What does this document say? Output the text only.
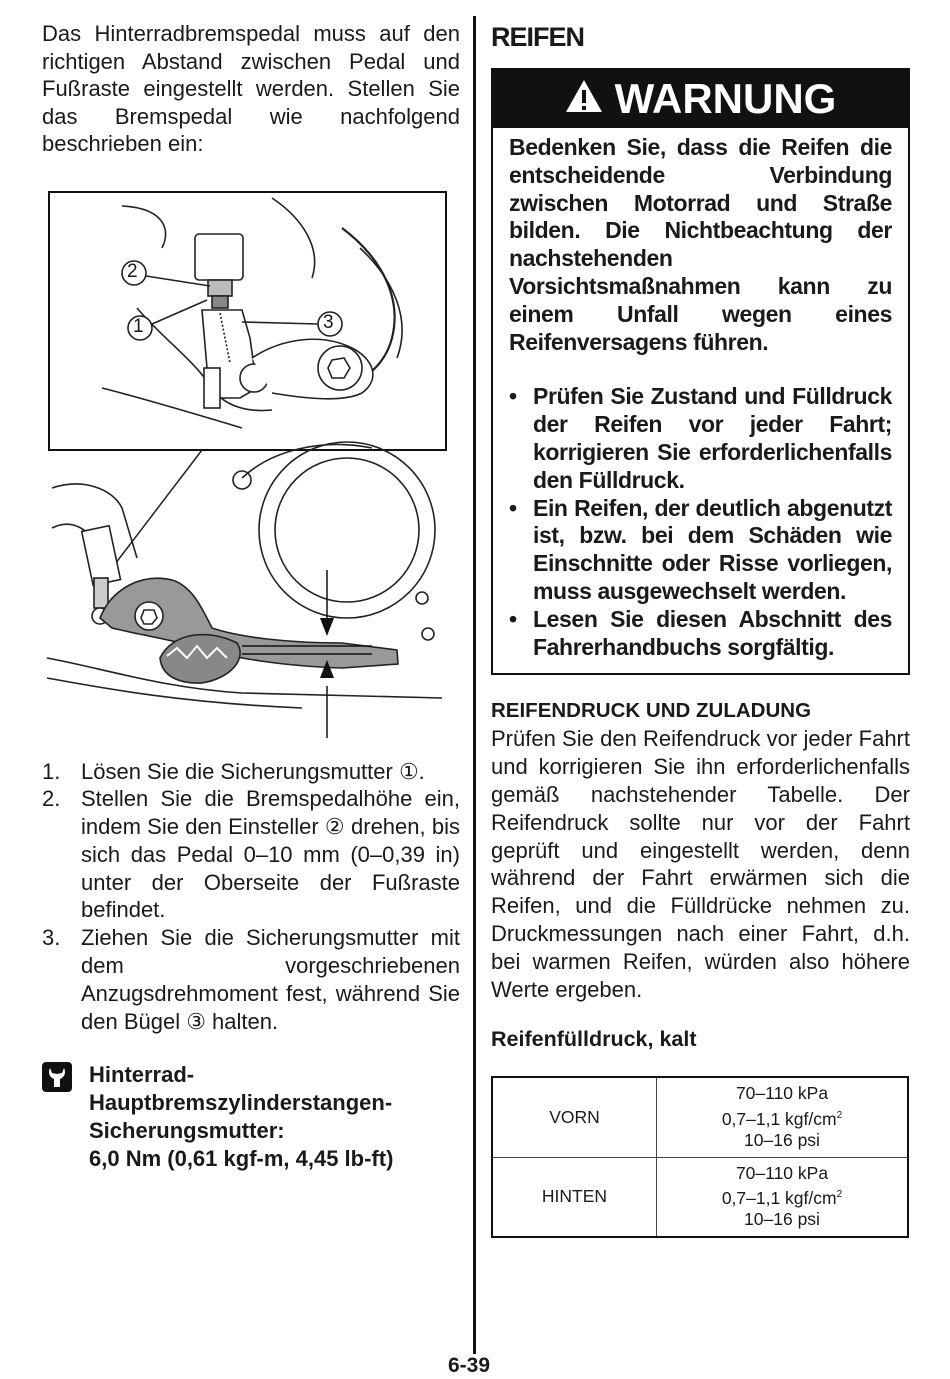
Das Hinterradbremspedal muss auf den richtigen Abstand zwischen Pedal und Fußraste eingestellt werden. Stellen Sie das Bremspedal wie nachfolgend beschrieben ein:

2
1	3
1. Lösen Sie die Sicherungsmutter ①.
2. Stellen Sie die Bremspedalhöhe ein, indem Sie den Einsteller ② drehen, bis sich das Pedal 0–10 mm (0–0,39 in) unter der Oberseite der Fußraste befindet.
3. Ziehen Sie die Sicherungsmutter mit dem vorgeschriebenen Anzugsdrehmoment fest, während Sie den Bügel ③ halten.
Hinterrad-
Hauptbremszylinderstangen-
Sicherungsmutter:
6,0 Nm (0,61 kgf-m, 4,45 lb-ft)
REIFEN
WARNUNG

Bedenken Sie, dass die Reifen die entscheidende Verbindung zwischen Motorrad und Straße bilden. Die Nichtbeachtung der nachstehenden Vorsichtsmaßnahmen kann zu einem Unfall wegen eines Reifenversagens führen.

• Prüfen Sie Zustand und Fülldruck der Reifen vor jeder Fahrt; korrigieren Sie erforderlichenfalls den Fülldruck.
• Ein Reifen, der deutlich abgenutzt ist, bzw. bei dem Schäden wie Einschnitte oder Risse vorliegen, muss ausgewechselt werden.
• Lesen Sie diesen Abschnitt des Fahrerhandbuchs sorgfältig.
REIFENDRUCK UND ZULADUNG

Prüfen Sie den Reifendruck vor jeder Fahrt und korrigieren Sie ihn erforderlichenfalls gemäß nachstehender Tabelle. Der Reifendruck sollte nur vor der Fahrt geprüft und eingestellt werden, denn während der Fahrt erwärmen sich die Reifen, und die Fülldrücke nehmen zu. Druckmessungen nach einer Fahrt, d.h. bei warmen Reifen, würden also höhere Werte ergeben.

Reifenfülldruck, kalt
VORN	70–110 kPa
0,7–1,1 kgf/$cm^2$
10–16 psi

HINTEN	70–110 kPa
0,7–1,1 kgf/$cm^2$
10–16 psi
6-39
